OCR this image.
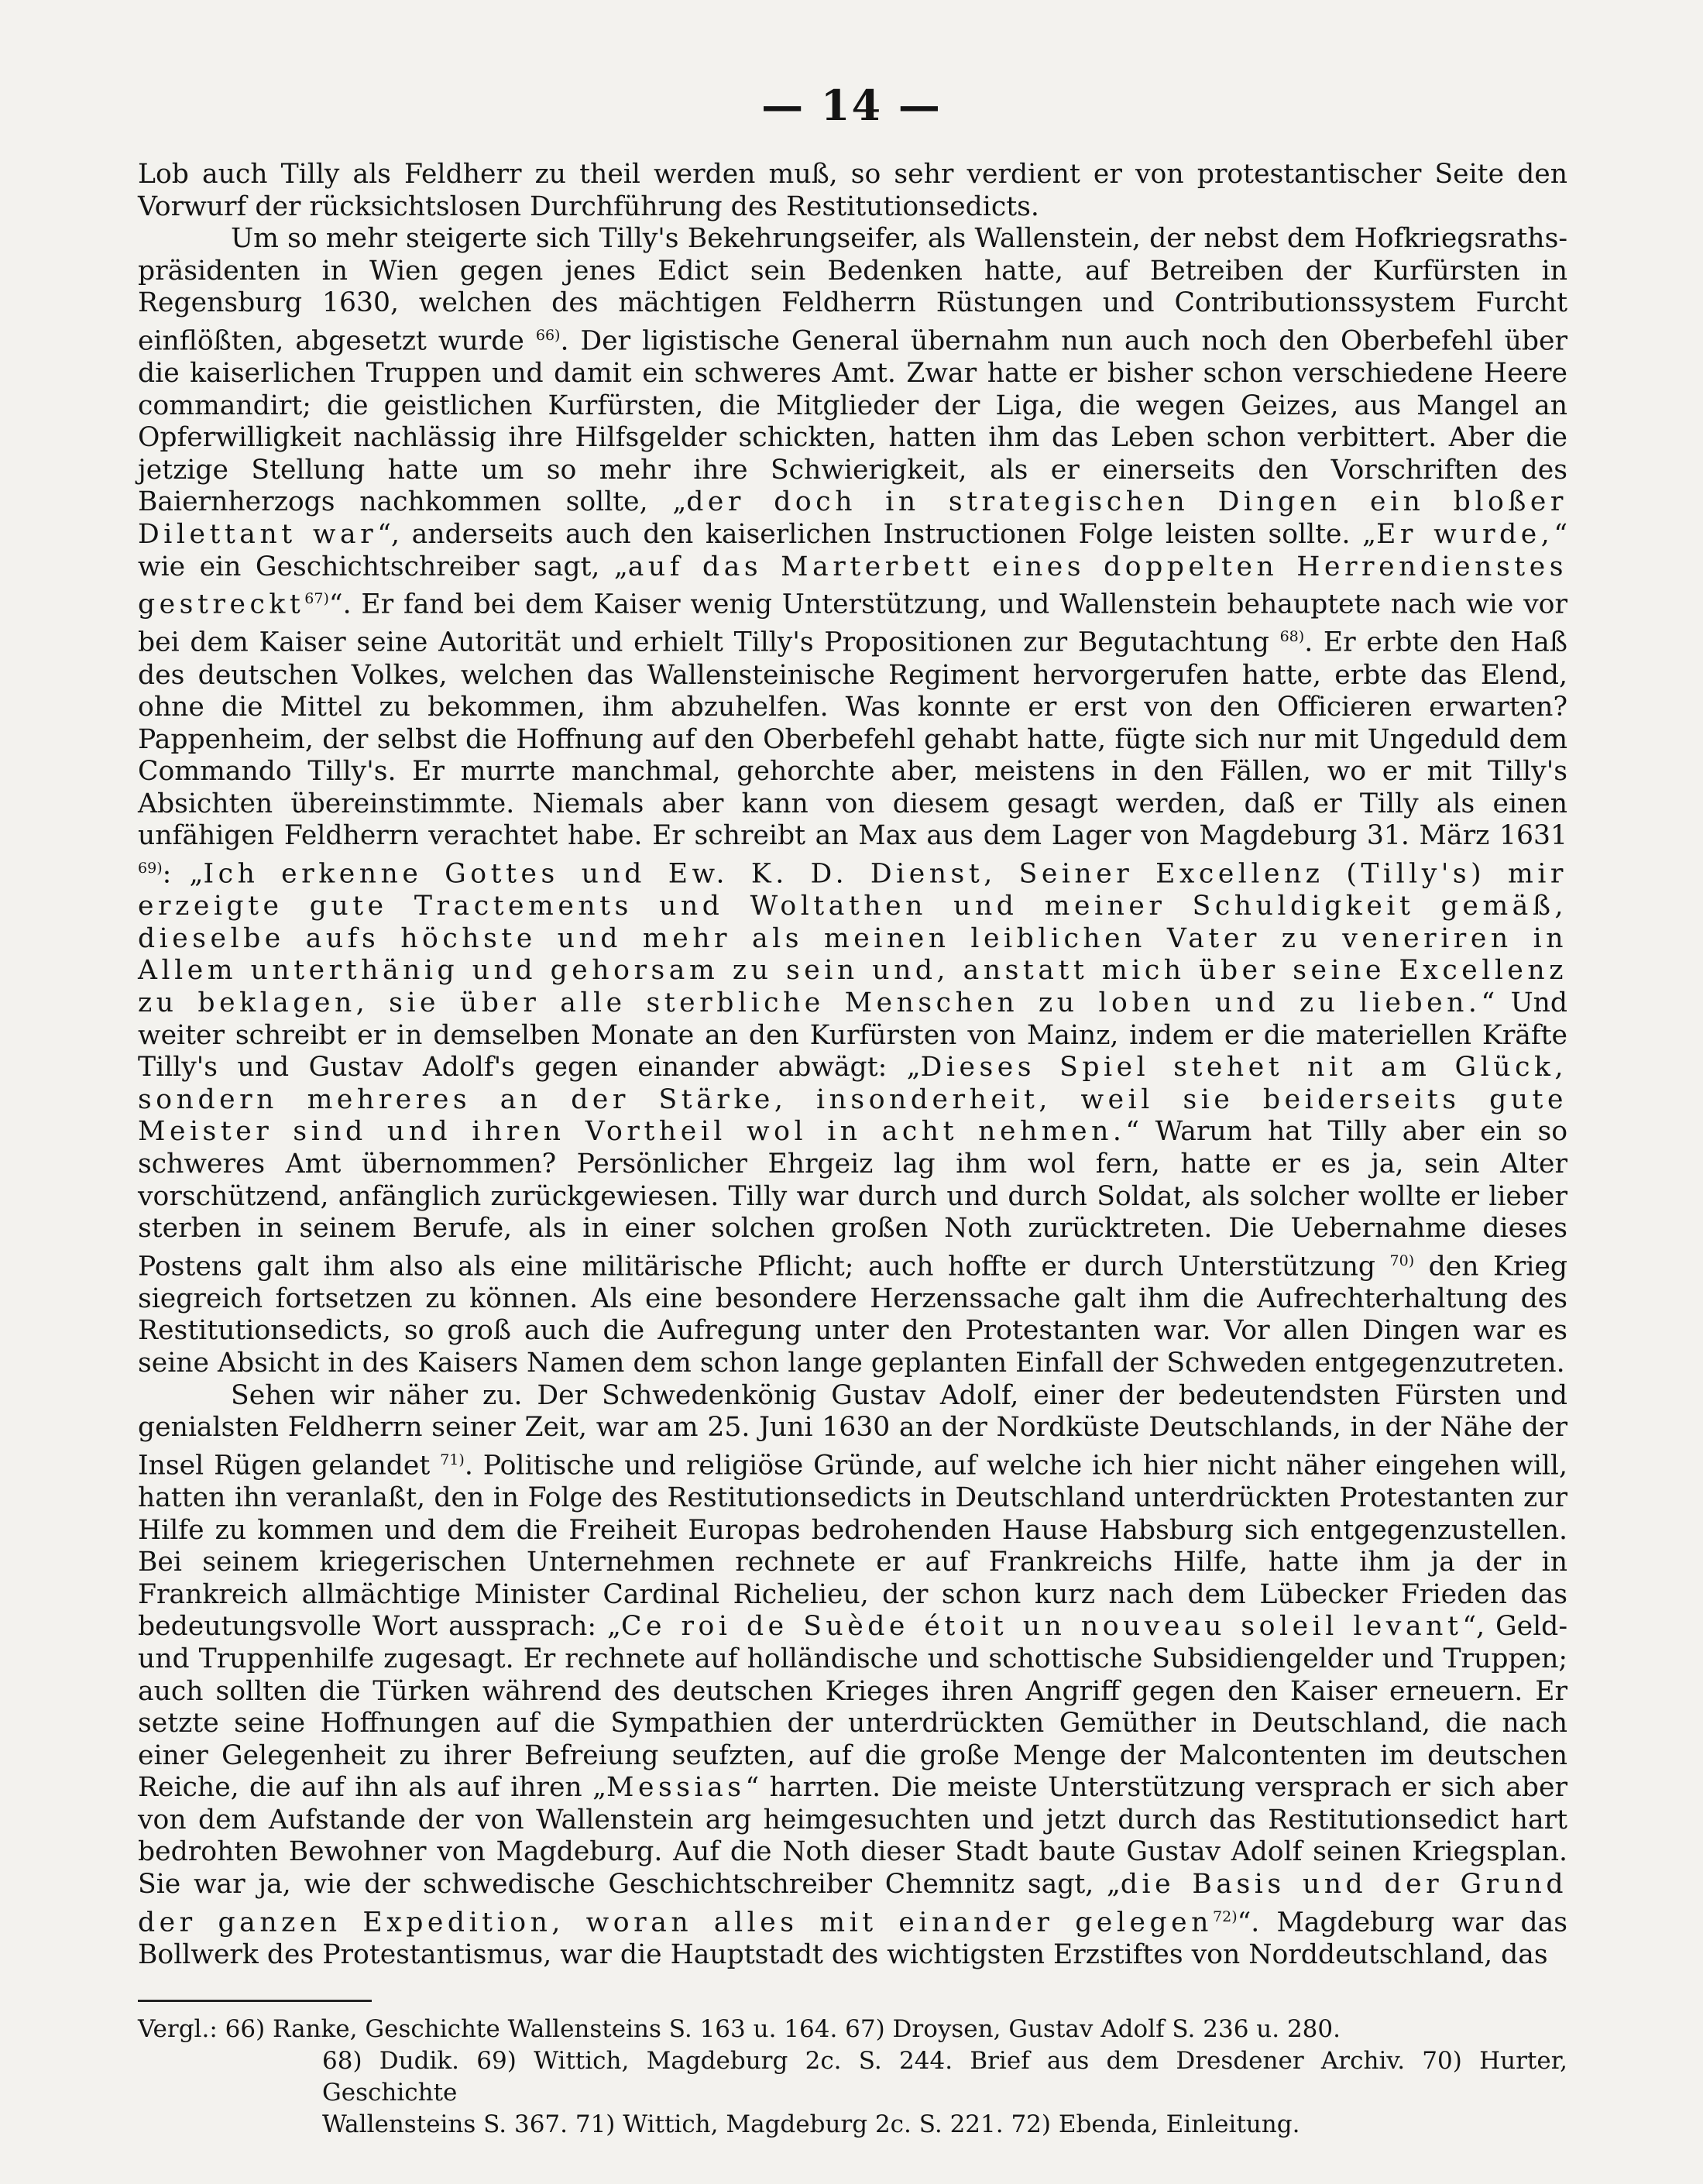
— 14 —

Lob auch Tilly als Feldherr zu theil werden muß, so sehr verdient er von protestantischer Seite den Vorwurf der rücksichtslosen Durchführung des Restitutionsedicts.

Um so mehr steigerte sich Tilly's Bekehrungseifer, als Wallenstein, der nebst dem Hofkriegsrathspräsidenten in Wien gegen jenes Edict sein Bedenken hatte, auf Betreiben der Kurfürsten in Regensburg 1630, welchen des mächtigen Feldherrn Rüstungen und Contributionssystem Furcht einflößten, abgesetzt wurde $^{66)}$. Der ligistische General übernahm nun auch noch den Oberbefehl über die kaiserlichen Truppen und damit ein schweres Amt. Zwar hatte er bisher schon verschiedene Heere commandirt; die geistlichen Kurfürsten, die Mitglieder der Liga, die wegen Geizes, aus Mangel an Opferwilligkeit nachlässig ihre Hilfsgelder schickten, hatten ihm das Leben schon verbittert. Aber die jetzige Stellung hatte um so mehr ihre Schwierigkeit, als er einerseits den Vorschriften des Baiernherzogs nachkommen sollte, „der doch in strategischen Dingen ein bloßer Dilettant war“, anderseits auch den kaiserlichen Instructionen Folge leisten sollte. „Er wurde,“ wie ein Geschichtschreiber sagt, „auf das Marterbett eines doppelten Herrendienstes gestreckt$^{67)}$“. Er fand bei dem Kaiser wenig Unterstützung, und Wallenstein behauptete nach wie vor bei dem Kaiser seine Autorität und erhielt Tilly's Propositionen zur Begutachtung $^{68)}$. Er erbte den Haß des deutschen Volkes, welchen das Wallensteinische Regiment hervorgerufen hatte, erbte das Elend, ohne die Mittel zu bekommen, ihm abzuhelfen. Was konnte er erst von den Officieren erwarten? Pappenheim, der selbst die Hoffnung auf den Oberbefehl gehabt hatte, fügte sich nur mit Ungeduld dem Commando Tilly's. Er murrte manchmal, gehorchte aber, meistens in den Fällen, wo er mit Tilly's Absichten übereinstimmte. Niemals aber kann von diesem gesagt werden, daß er Tilly als einen unfähigen Feldherrn verachtet habe. Er schreibt an Max aus dem Lager von Magdeburg 31. März 1631 $^{69)}$: „Ich erkenne Gottes und Ew. K. D. Dienst, Seiner Excellenz (Tilly's) mir erzeigte gute Tractements und Woltathen und meiner Schuldigkeit gemäß, dieselbe aufs höchste und mehr als meinen leiblichen Vater zu veneriren in Allem unterthänig und gehorsam zu sein und, anstatt mich über seine Excellenz zu beklagen, sie über alle sterbliche Menschen zu loben und zu lieben.“ Und weiter schreibt er in demselben Monate an den Kurfürsten von Mainz, indem er die materiellen Kräfte Tilly's und Gustav Adolf's gegen einander abwägt: „Dieses Spiel stehet nit am Glück, sondern mehreres an der Stärke, insonderheit, weil sie beiderseits gute Meister sind und ihren Vortheil wol in acht nehmen.“ Warum hat Tilly aber ein so schweres Amt übernommen? Persönlicher Ehrgeiz lag ihm wol fern, hatte er es ja, sein Alter vorschützend, anfänglich zurückgewiesen. Tilly war durch und durch Soldat, als solcher wollte er lieber sterben in seinem Berufe, als in einer solchen großen Noth zurücktreten. Die Uebernahme dieses Postens galt ihm also als eine militärische Pflicht; auch hoffte er durch Unterstützung $^{70)}$ den Krieg siegreich fortsetzen zu können. Als eine besondere Herzenssache galt ihm die Aufrechterhaltung des Restitutionsedicts, so groß auch die Aufregung unter den Protestanten war. Vor allen Dingen war es seine Absicht in des Kaisers Namen dem schon lange geplanten Einfall der Schweden entgegenzutreten.

Sehen wir näher zu. Der Schwedenkönig Gustav Adolf, einer der bedeutendsten Fürsten und genialsten Feldherrn seiner Zeit, war am 25. Juni 1630 an der Nordküste Deutschlands, in der Nähe der Insel Rügen gelandet $^{71)}$. Politische und religiöse Gründe, auf welche ich hier nicht näher eingehen will, hatten ihn veranlaßt, den in Folge des Restitutionsedicts in Deutschland unterdrückten Protestanten zur Hilfe zu kommen und dem die Freiheit Europas bedrohenden Hause Habsburg sich entgegenzustellen. Bei seinem kriegerischen Unternehmen rechnete er auf Frankreichs Hilfe, hatte ihm ja der in Frankreich allmächtige Minister Cardinal Richelieu, der schon kurz nach dem Lübecker Frieden das bedeutungsvolle Wort aussprach: „Ce roi de Suède étoit un nouveau soleil levant“, Geld- und Truppenhilfe zugesagt. Er rechnete auf holländische und schottische Subsidiengelder und Truppen; auch sollten die Türken während des deutschen Krieges ihren Angriff gegen den Kaiser erneuern. Er setzte seine Hoffnungen auf die Sympathien der unterdrückten Gemüther in Deutschland, die nach einer Gelegenheit zu ihrer Befreiung seufzten, auf die große Menge der Malcontenten im deutschen Reiche, die auf ihn als auf ihren „Messias“ harrten. Die meiste Unterstützung versprach er sich aber von dem Aufstande der von Wallenstein arg heimgesuchten und jetzt durch das Restitutionsedict hart bedrohten Bewohner von Magdeburg. Auf die Noth dieser Stadt baute Gustav Adolf seinen Kriegsplan. Sie war ja, wie der schwedische Geschichtschreiber Chemnitz sagt, „die Basis und der Grund der ganzen Expedition, woran alles mit einander gelegen$^{72)}$“. Magdeburg war das Bollwerk des Protestantismus, war die Hauptstadt des wichtigsten Erzstiftes von Norddeutschland, das

Vergl.: 66) Ranke, Geschichte Wallensteins S. 163 u. 164. 67) Droysen, Gustav Adolf S. 236 u. 280.

68) Dudik. 69) Wittich, Magdeburg 2c. S. 244. Brief aus dem Dresdener Archiv. 70) Hurter, Geschichte

Wallensteins S. 367. 71) Wittich, Magdeburg 2c. S. 221. 72) Ebenda, Einleitung.
